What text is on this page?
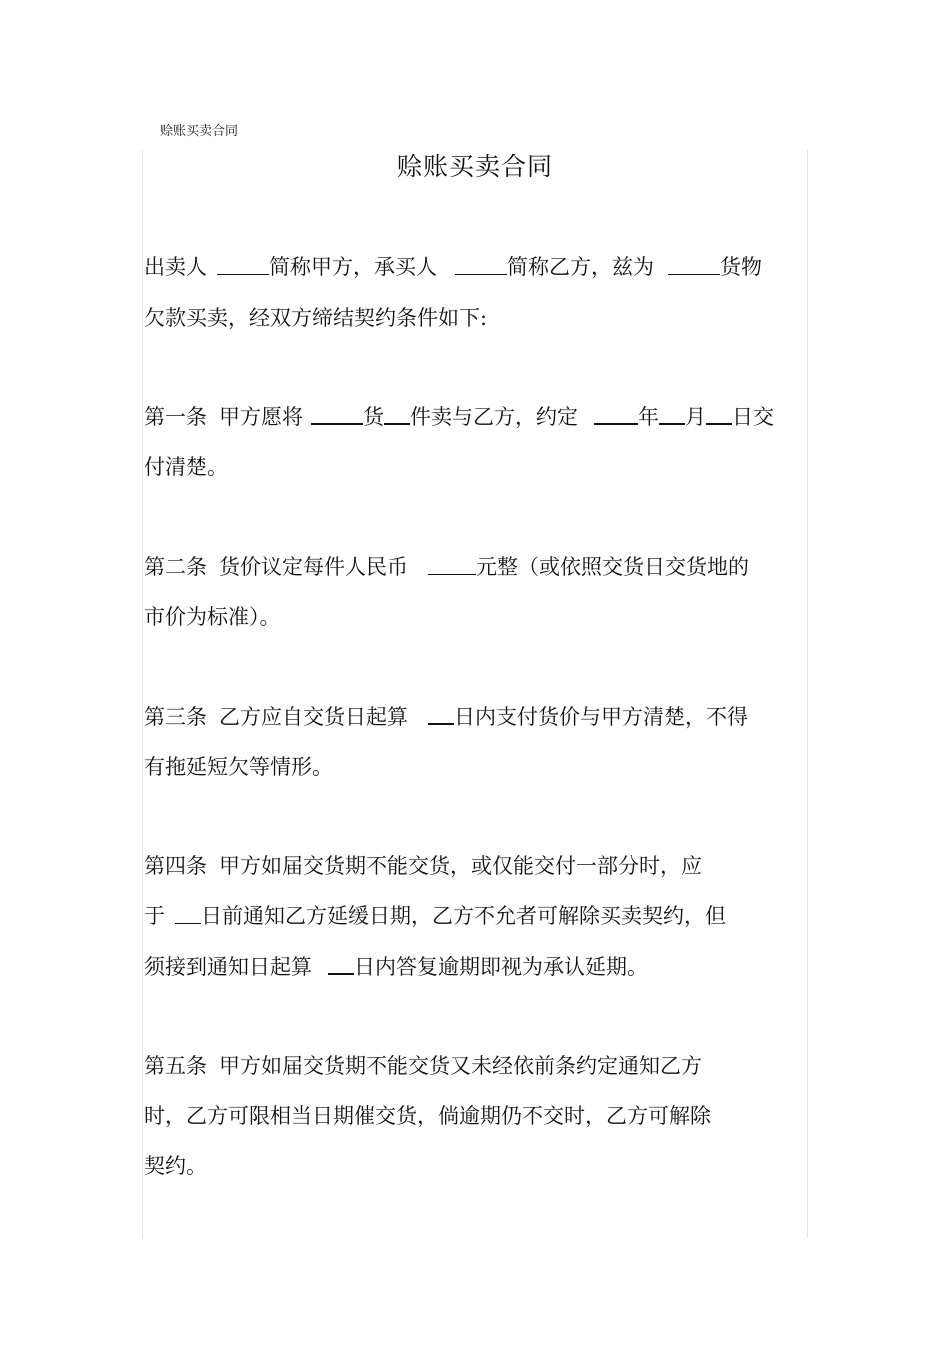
赊账买卖合同
赊账买卖合同
出卖人	简称甲方，承买人	简称乙方，兹为	货物
欠款买卖，经双方缔结契约条件如下:
第一条 甲方愿将	货 件卖与乙方，约定	年 月 日交
付清楚。
第二条 货价议定每件人民币	元整（或依照交货日交货地的
市价为标准）。
第三条 乙方应自交货日起算 日内支付货价与甲方清楚，不得
有拖延短欠等情形。
第四条 甲方如届交货期不能交货，或仅能交付一部分时，应
于 日前通知乙方延缓日期，乙方不允者可解除买卖契约，但
须接到通知日起算 日内答复逾期即视为承认延期。
第五条 甲方如届交货期不能交货又未经依前条约定通知乙方
时，乙方可限相当日期催交货，倘逾期仍不交时，乙方可解除
契约。
